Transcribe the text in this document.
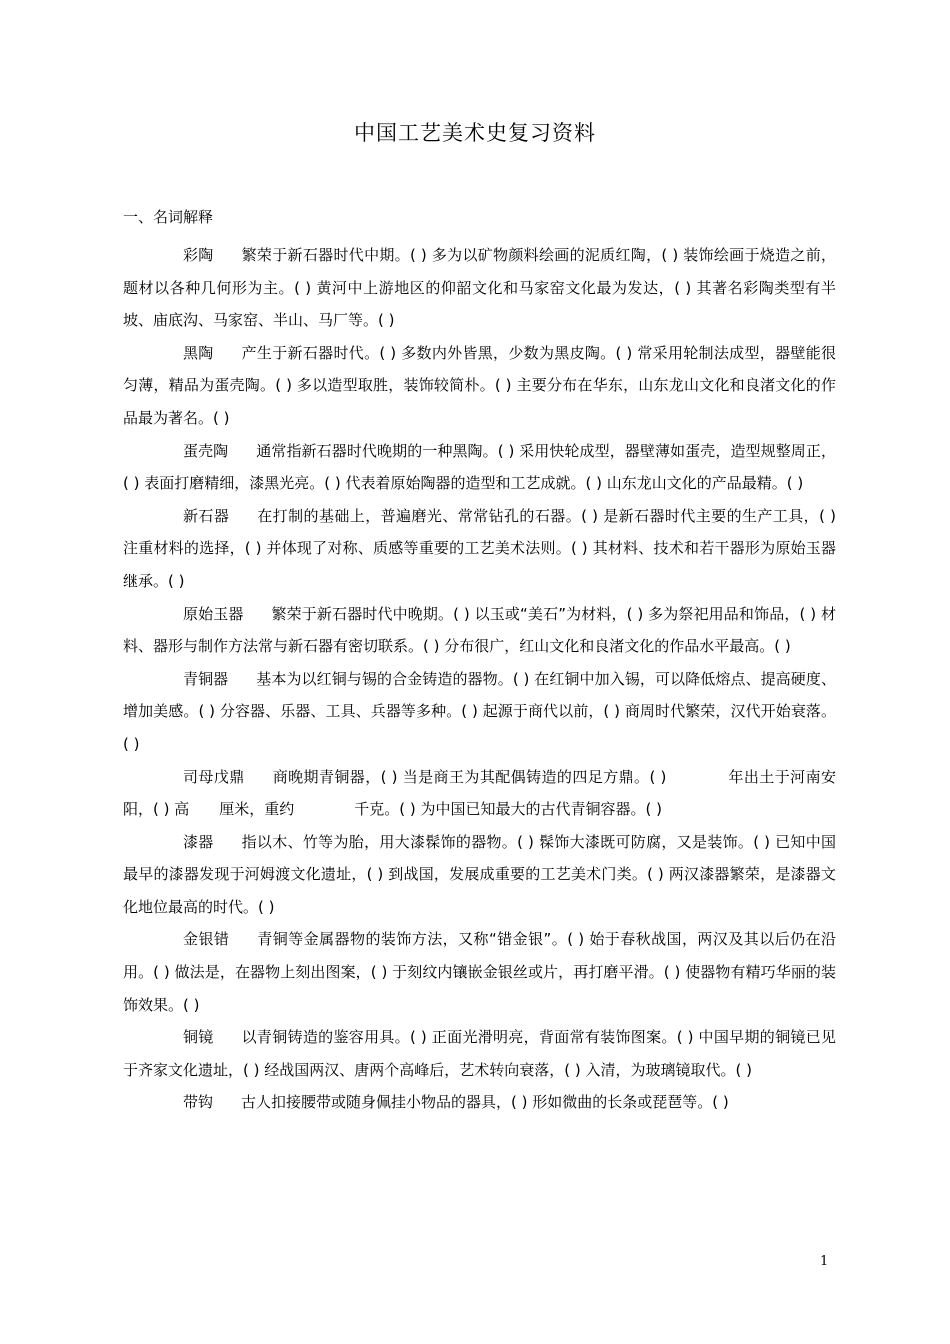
中国工艺美术史复习资料
一、名词解释

彩陶 繁荣于新石器时代中期。( ) 多为以矿物颜料绘画的泥质红陶，( ) 装饰绘画于烧造之前，题材以各种几何形为主。( ) 黄河中上游地区的仰韶文化和马家窑文化最为发达，( ) 其著名彩陶类型有半坡、庙底沟、马家窑、半山、马厂等。( )

黑陶 产生于新石器时代。( ) 多数内外皆黑，少数为黑皮陶。( ) 常采用轮制法成型，器壁能很匀薄，精品为蛋壳陶。( ) 多以造型取胜，装饰较简朴。( ) 主要分布在华东，山东龙山文化和良渚文化的作品最为著名。( )

蛋壳陶 通常指新石器时代晚期的一种黑陶。( ) 采用快轮成型，器壁薄如蛋壳，造型规整周正，( ) 表面打磨精细，漆黑光亮。( ) 代表着原始陶器的造型和工艺成就。( ) 山东龙山文化的产品最精。( )

新石器 在打制的基础上，普遍磨光、常常钻孔的石器。( ) 是新石器时代主要的生产工具，( ) 注重材料的选择，( ) 并体现了对称、质感等重要的工艺美术法则。( ) 其材料、技术和若干器形为原始玉器继承。( )

原始玉器 繁荣于新石器时代中晚期。( ) 以玉或“美石”为材料，( ) 多为祭祀用品和饰品，( ) 材料、器形与制作方法常与新石器有密切联系。( ) 分布很广，红山文化和良渚文化的作品水平最高。( )

青铜器 基本为以红铜与锡的合金铸造的器物。( ) 在红铜中加入锡，可以降低熔点、提高硬度、增加美感。( ) 分容器、乐器、工具、兵器等多种。( ) 起源于商代以前，( ) 商周时代繁荣，汉代开始衰落。( )

司母戊鼎 商晚期青铜器，( ) 当是商王为其配偶铸造的四足方鼎。( )　　　　年出土于河南安阳，( ) 高　　厘米，重约　　　　千克。( ) 为中国已知最大的古代青铜容器。( )

漆器 指以木、竹等为胎，用大漆髹饰的器物。( ) 髹饰大漆既可防腐，又是装饰。( ) 已知中国最早的漆器发现于河姆渡文化遗址，( ) 到战国，发展成重要的工艺美术门类。( ) 两汉漆器繁荣，是漆器文化地位最高的时代。( )

金银错 青铜等金属器物的装饰方法，又称“错金银”。( ) 始于春秋战国，两汉及其以后仍在沿用。( ) 做法是，在器物上刻出图案，( ) 于刻纹内镶嵌金银丝或片，再打磨平滑。( ) 使器物有精巧华丽的装饰效果。( )

铜镜 以青铜铸造的鉴容用具。( ) 正面光滑明亮，背面常有装饰图案。( ) 中国早期的铜镜已见于齐家文化遗址，( ) 经战国两汉、唐两个高峰后，艺术转向衰落，( ) 入清，为玻璃镜取代。( )

带钩 古人扣接腰带或随身佩挂小物品的器具，( ) 形如微曲的长条或琵琶等。( )

1
